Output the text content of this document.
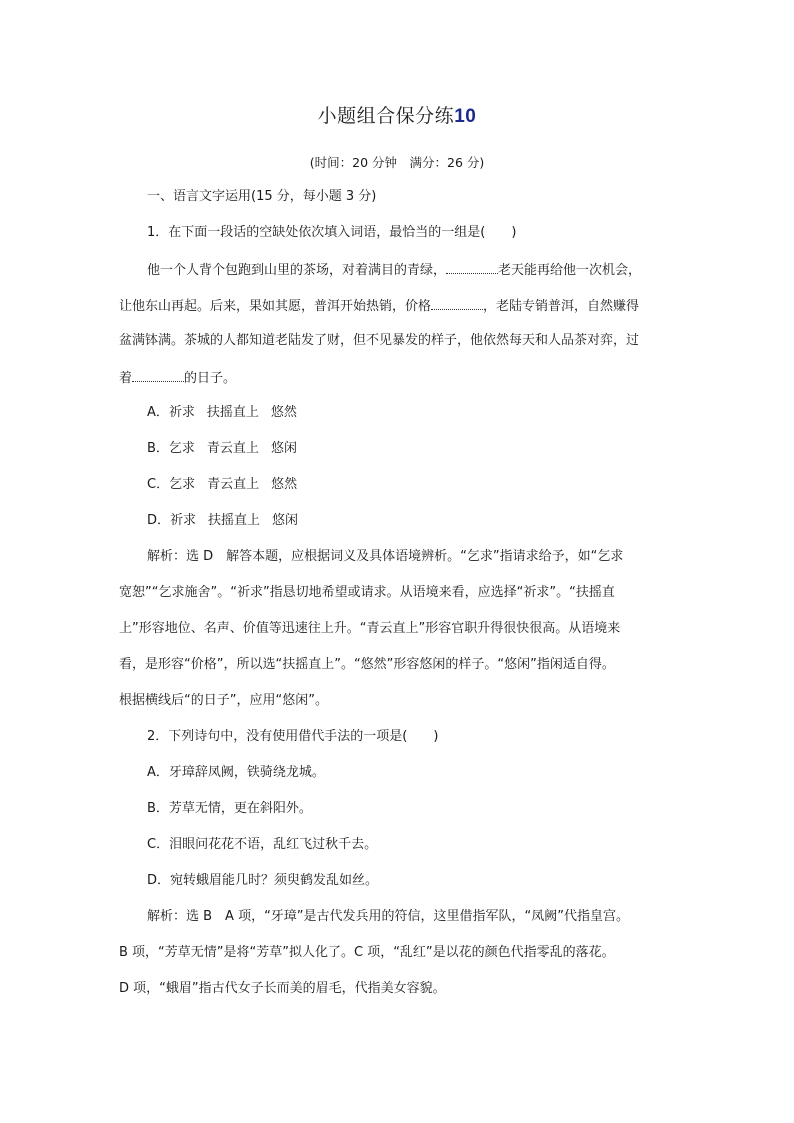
小题组合保分练10
(时间：20 分钟　满分：26 分)
一、语言文字运用(15 分，每小题 3 分)
1．在下面一段话的空缺处依次填入词语，最恰当的一组是(　　)
他一个人背个包跑到山里的茶场，对着满目的青绿，	老天能再给他一次机会，
让他东山再起。后来，果如其愿，普洱开始热销，价格	，老陆专销普洱，自然赚得
盆满钵满。茶城的人都知道老陆发了财，但不见暴发的样子，他依然每天和人品茶对弈，过
着	的日子。
A．祈求 扶摇直上 悠然
B．乞求 青云直上 悠闲
C．乞求 青云直上 悠然
D．祈求 扶摇直上 悠闲
解析：选 D　解答本题，应根据词义及具体语境辨析。“乞求”指请求给予，如“乞求
宽恕”“乞求施舍”。“祈求”指恳切地希望或请求。从语境来看，应选择“祈求”。“扶摇直
上”形容地位、名声、价值等迅速往上升。“青云直上”形容官职升得很快很高。从语境来
看，是形容“价格”，所以选“扶摇直上”。“悠然”形容悠闲的样子。“悠闲”指闲适自得。
根据横线后“的日子”，应用“悠闲”。
2．下列诗句中，没有使用借代手法的一项是(　　)
A．牙璋辞凤阙，铁骑绕龙城。
B．芳草无情，更在斜阳外。
C．泪眼问花花不语，乱红飞过秋千去。
D．宛转蛾眉能几时？须臾鹤发乱如丝。
解析：选 B　A 项，“牙璋”是古代发兵用的符信，这里借指军队，“凤阙”代指皇宫。
B 项，“芳草无情”是将“芳草”拟人化了。C 项，“乱红”是以花的颜色代指零乱的落花。
D 项，“蛾眉”指古代女子长而美的眉毛，代指美女容貌。
